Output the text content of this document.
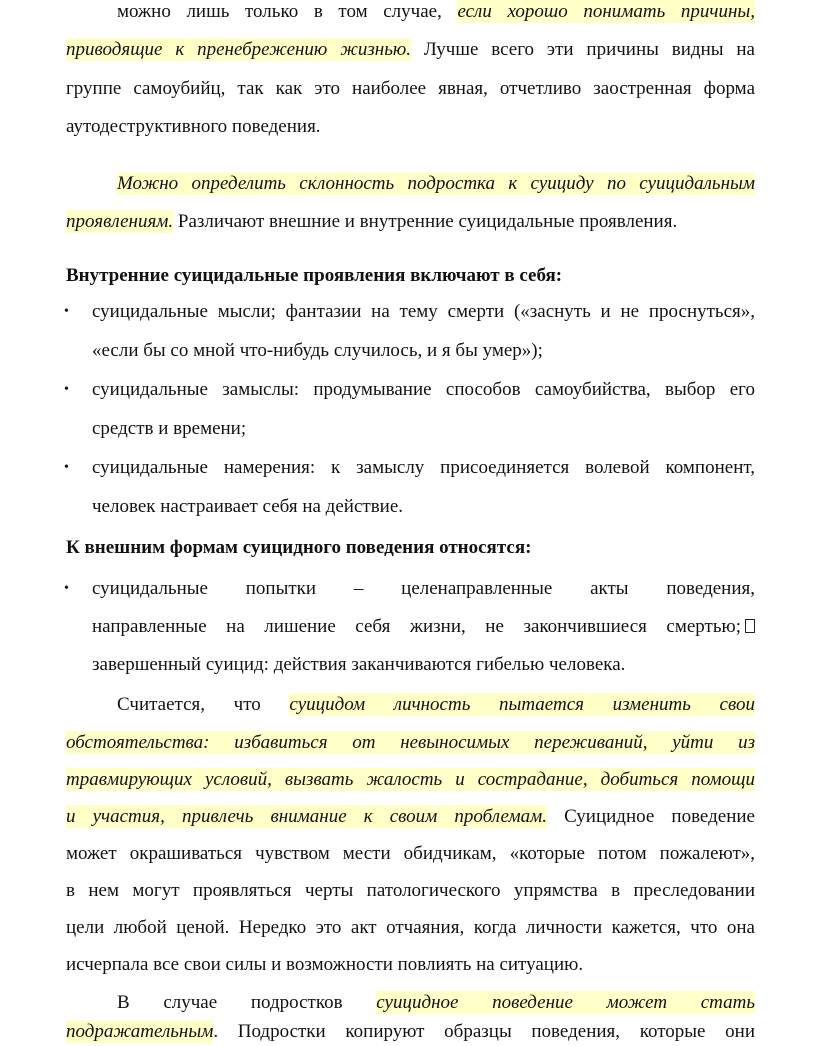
можно лишь только в том случае, если хорошо понимать причины,
приводящие к пренебрежению жизнью. Лучше всего эти причины видны на
группе самоубийц, так как это наиболее явная, отчетливо заостренная форма
аутодеструктивного поведения.
Можно определить склонность подростка к суициду по суицидальным
проявлениям. Различают внешние и внутренние суицидальные проявления.
Внутренние суицидальные проявления включают в себя:
• суицидальные мысли; фантазии на тему смерти («заснуть и не проснуться»,
«если бы со мной что-нибудь случилось, и я бы умер»);
• суицидальные замыслы: продумывание способов самоубийства, выбор его
средств и времени;
• суицидальные намерения: к замыслу присоединяется волевой компонент,
человек настраивает себя на действие.
К внешним формам суицидного поведения относятся:
• суицидальные попытки – целенаправленные акты поведения,
направленные на лишение себя жизни, не закончившиеся смертью;
завершенный суицид: действия заканчиваются гибелью человека.
Считается, что суицидом личность пытается изменить свои
обстоятельства: избавиться от невыносимых переживаний, уйти из
травмирующих условий, вызвать жалость и сострадание, добиться помощи
и участия, привлечь внимание к своим проблемам. Суицидное поведение
может окрашиваться чувством мести обидчикам, «которые потом пожалеют»,
в нем могут проявляться черты патологического упрямства в преследовании
цели любой ценой. Нередко это акт отчаяния, когда личности кажется, что она
исчерпала все свои силы и возможности повлиять на ситуацию.
В случае подростков суицидное поведение может стать
подражательным. Подростки копируют образцы поведения, которые они
